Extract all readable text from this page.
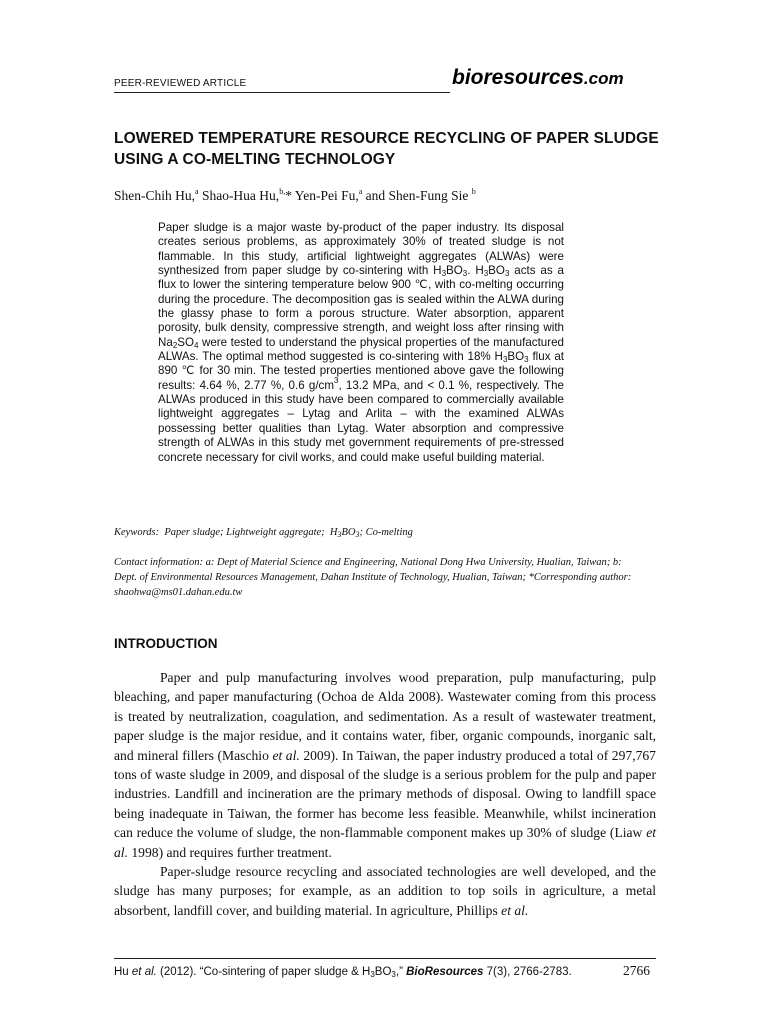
PEER-REVIEWED ARTICLE	bioresources.com
LOWERED TEMPERATURE RESOURCE RECYCLING OF PAPER SLUDGE USING A CO-MELTING TECHNOLOGY
Shen-Chih Hu,$^a$ Shao-Hua Hu,$^{b,}$* Yen-Pei Fu,$^a$ and Shen-Fung Sie $^b$
Paper sludge is a major waste by-product of the paper industry. Its disposal creates serious problems, as approximately 30% of treated sludge is not flammable. In this study, artificial lightweight aggregates (ALWAs) were synthesized from paper sludge by co-sintering with $H_3BO_3$. $H_3BO_3$ acts as a flux to lower the sintering temperature below 900 ℃, with co-melting occurring during the procedure. The decomposition gas is sealed within the ALWA during the glassy phase to form a porous structure. Water absorption, apparent porosity, bulk density, compressive strength, and weight loss after rinsing with $Na_2SO_4$ were tested to understand the physical properties of the manufactured ALWAs. The optimal method suggested is co-sintering with 18% $H_3BO_3$ flux at 890 ℃ for 30 min. The tested properties mentioned above gave the following results: 4.64 %, 2.77 %, 0.6 $g/cm^3$, 13.2 MPa, and < 0.1 %, respectively. The ALWAs produced in this study have been compared to commercially available lightweight aggregates – Lytag and Arlita – with the examined ALWAs possessing better qualities than Lytag. Water absorption and compressive strength of ALWAs in this study met government requirements of pre-stressed concrete necessary for civil works, and could make useful building material.
Keywords: Paper sludge; Lightweight aggregate; $H_3BO_3$; Co-melting
Contact information: a: Dept of Material Science and Engineering, National Dong Hwa University, Hualian, Taiwan; b: Dept. of Environmental Resources Management, Dahan Institute of Technology, Hualian, Taiwan; *Corresponding author: shaohwa@ms01.dahan.edu.tw
INTRODUCTION

Paper and pulp manufacturing involves wood preparation, pulp manufacturing, pulp bleaching, and paper manufacturing (Ochoa de Alda 2008). Wastewater coming from this process is treated by neutralization, coagulation, and sedimentation. As a result of wastewater treatment, paper sludge is the major residue, and it contains water, fiber, organic compounds, inorganic salt, and mineral fillers (Maschio et al. 2009). In Taiwan, the paper industry produced a total of 297,767 tons of waste sludge in 2009, and disposal of the sludge is a serious problem for the pulp and paper industries. Landfill and incineration are the primary methods of disposal. Owing to landfill space being inadequate in Taiwan, the former has become less feasible. Meanwhile, whilst incineration can reduce the volume of sludge, the non-flammable component makes up 30% of sludge (Liaw et al. 1998) and requires further treatment.

Paper-sludge resource recycling and associated technologies are well developed, and the sludge has many purposes; for example, as an addition to top soils in agriculture, a metal absorbent, landfill cover, and building material. In agriculture, Phillips et al.

Hu et al. (2012). “Co-sintering of paper sludge & $H_3BO_3$,” BioResources 7(3), 2766-2783.	2766
